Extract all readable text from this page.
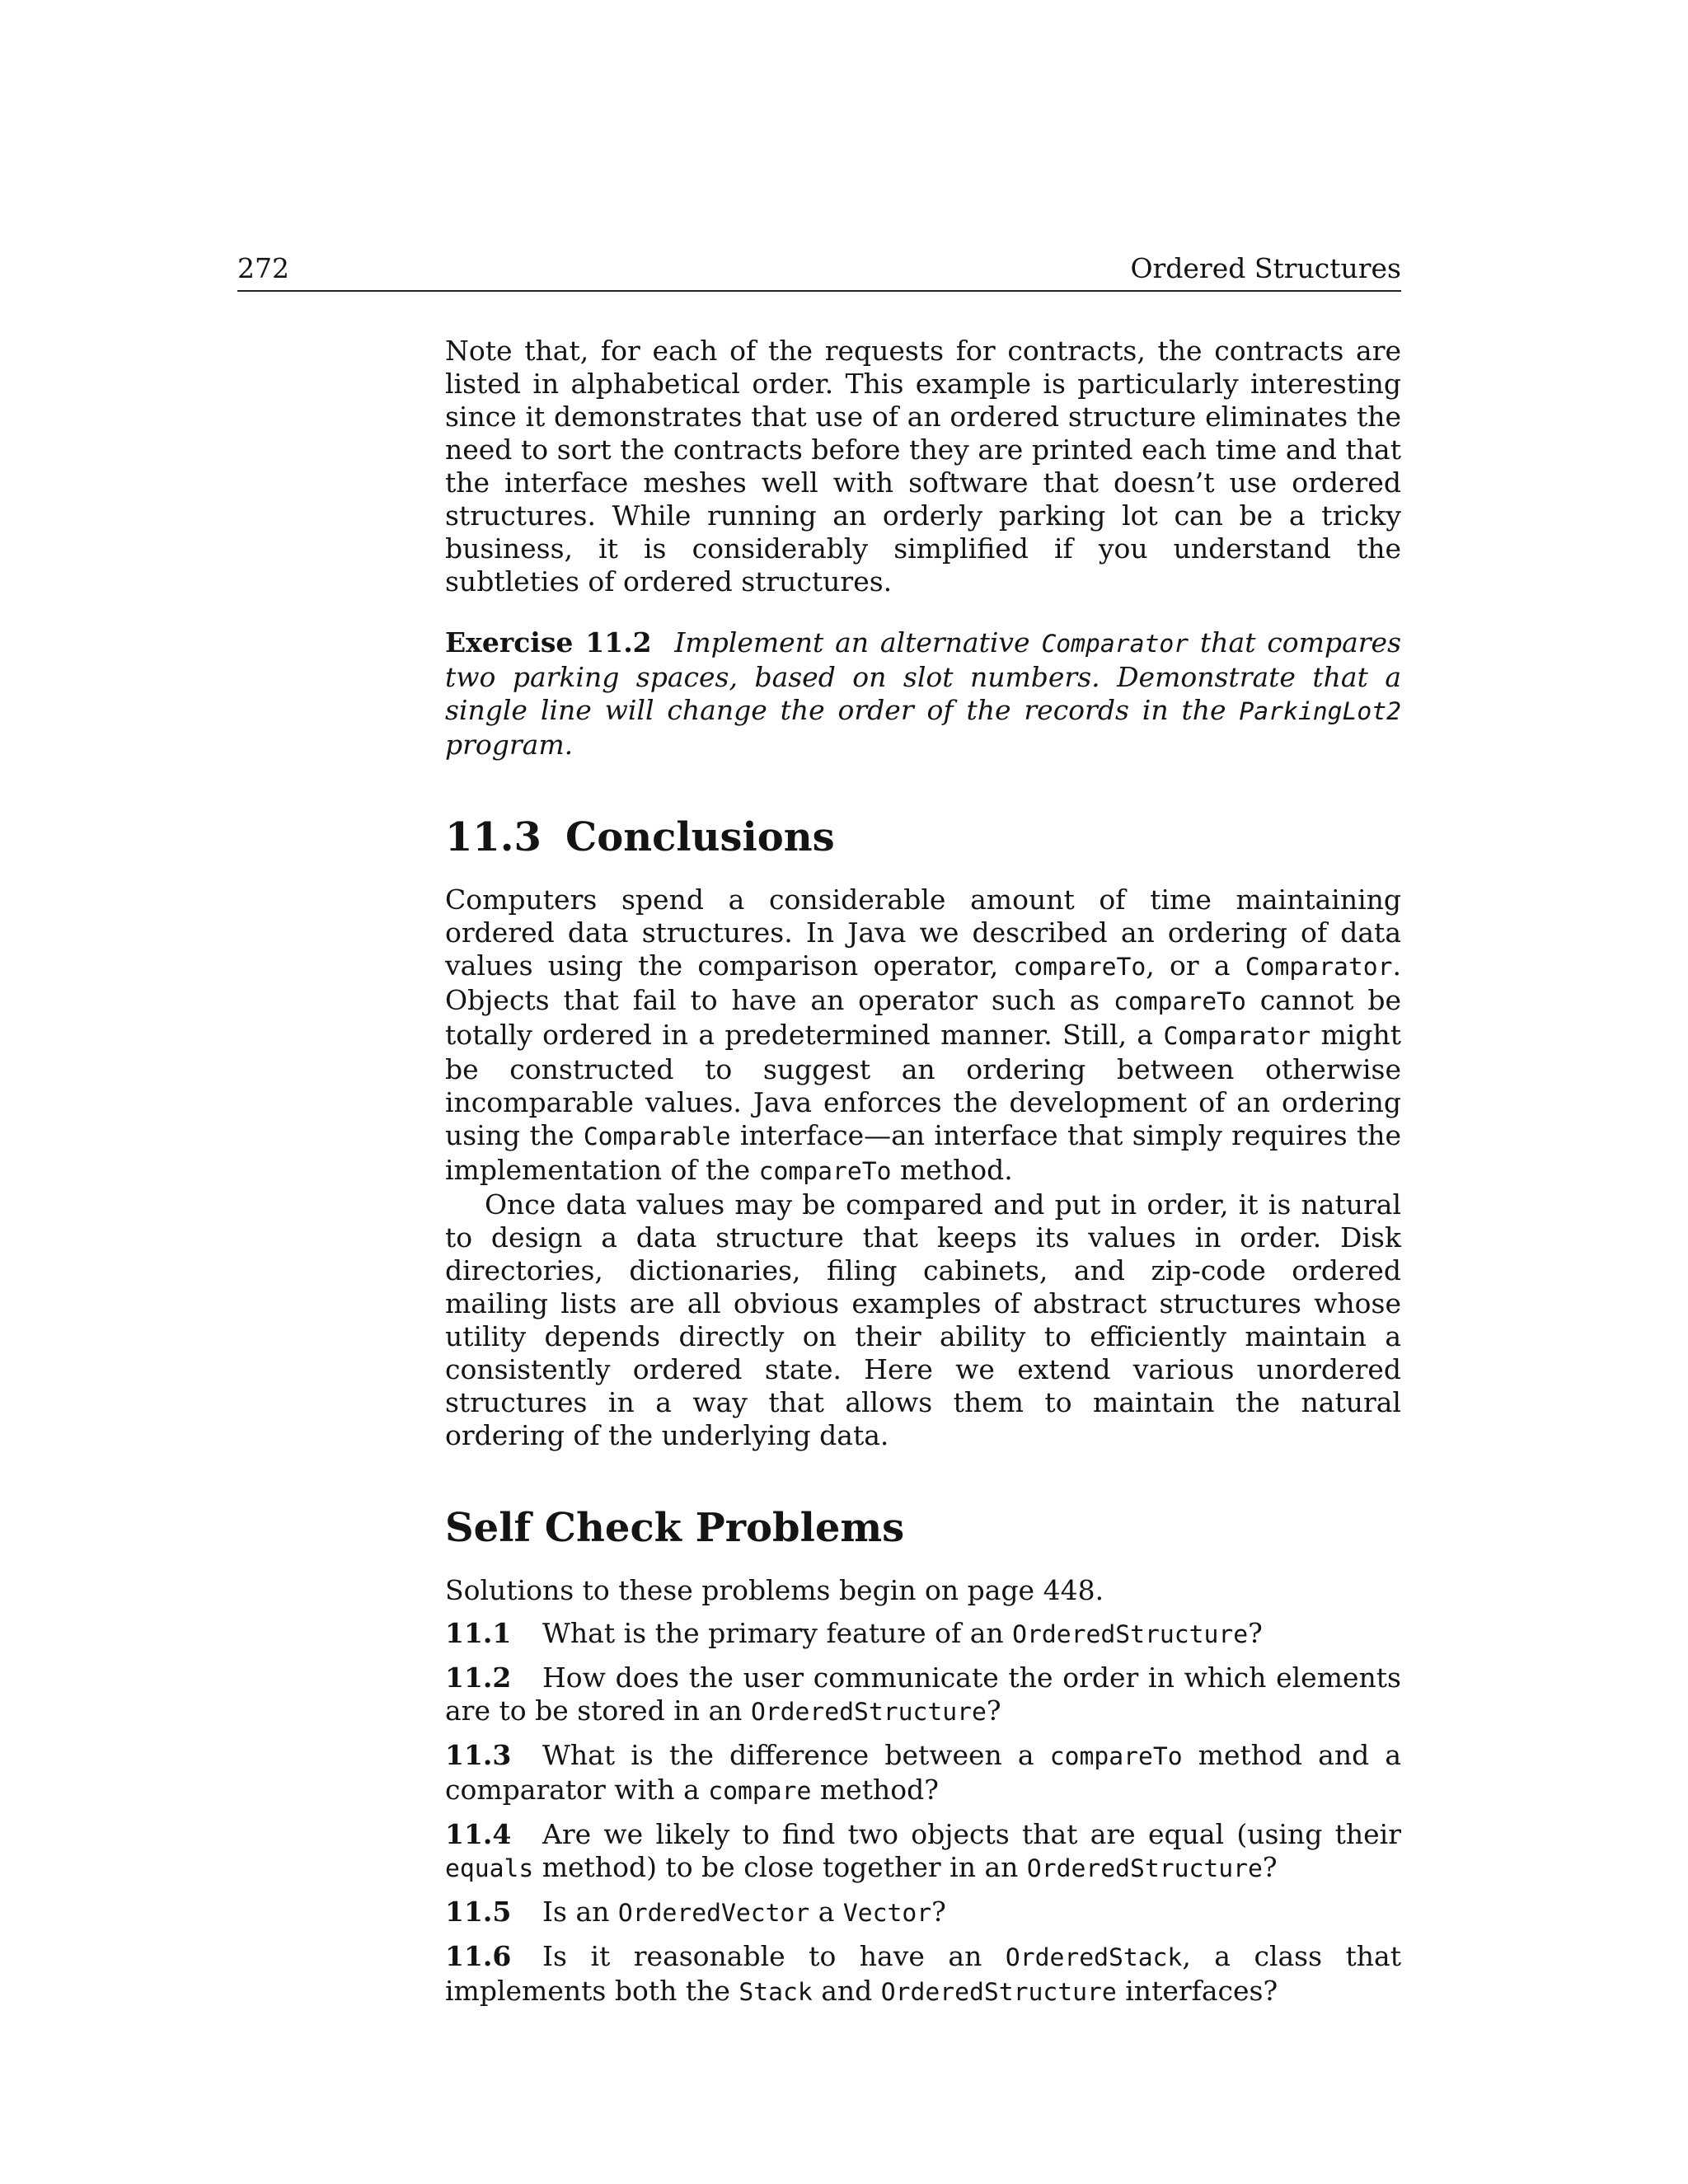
272	Ordered Structures

Note that, for each of the requests for contracts, the contracts are listed in alphabetical order. This example is particularly interesting since it demonstrates that use of an ordered structure eliminates the need to sort the contracts before they are printed each time and that the interface meshes well with software that doesn’t use ordered structures. While running an orderly parking lot can be a tricky business, it is considerably simplified if you understand the subtleties of ordered structures.

Exercise 11.2 Implement an alternative Comparator that compares two parking spaces, based on slot numbers. Demonstrate that a single line will change the order of the records in the ParkingLot2 program.

11.3 Conclusions

Computers spend a considerable amount of time maintaining ordered data structures. In Java we described an ordering of data values using the comparison operator, compareTo, or a Comparator. Objects that fail to have an operator such as compareTo cannot be totally ordered in a predetermined manner. Still, a Comparator might be constructed to suggest an ordering between otherwise incomparable values. Java enforces the development of an ordering using the Comparable interface—an interface that simply requires the implementation of the compareTo method.

Once data values may be compared and put in order, it is natural to design a data structure that keeps its values in order. Disk directories, dictionaries, filing cabinets, and zip-code ordered mailing lists are all obvious examples of abstract structures whose utility depends directly on their ability to efficiently maintain a consistently ordered state. Here we extend various unordered structures in a way that allows them to maintain the natural ordering of the underlying data.

Self Check Problems

Solutions to these problems begin on page 448.

11.1 What is the primary feature of an OrderedStructure?

11.2 How does the user communicate the order in which elements are to be stored in an OrderedStructure?

11.3 What is the difference between a compareTo method and a comparator with a compare method?

11.4 Are we likely to find two objects that are equal (using their equals method) to be close together in an OrderedStructure?

11.5 Is an OrderedVector a Vector?

11.6 Is it reasonable to have an OrderedStack, a class that implements both the Stack and OrderedStructure interfaces?
